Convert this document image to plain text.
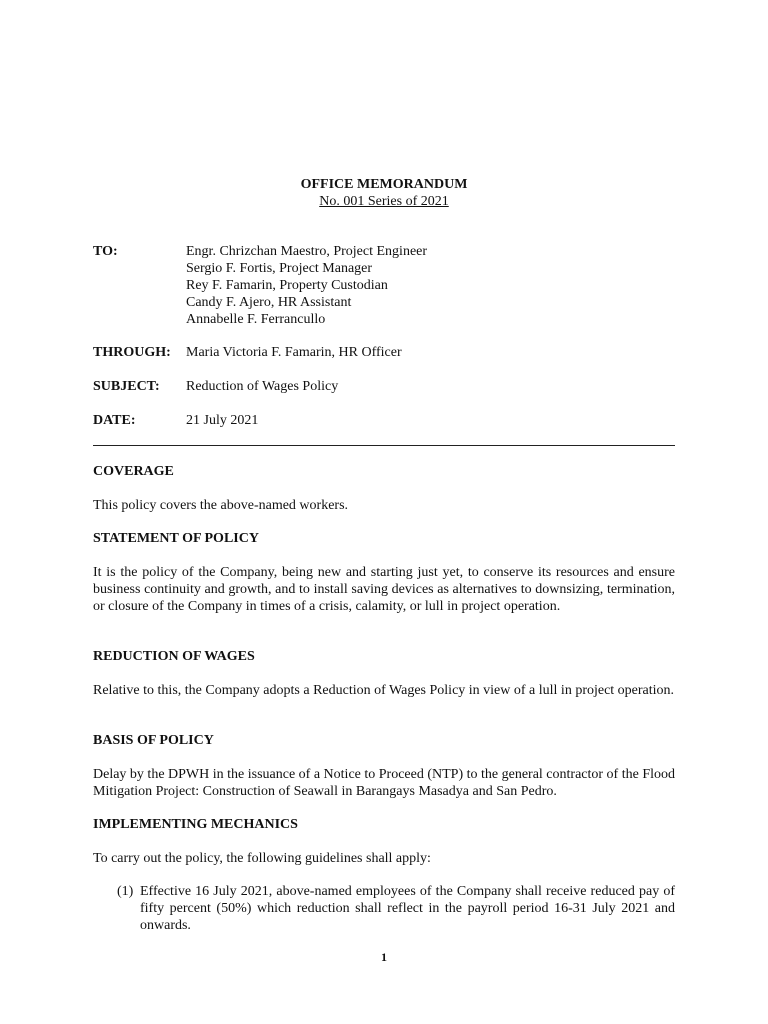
OFFICE MEMORANDUM
No. 001 Series of 2021
TO:	Engr. Chrizchan Maestro, Project Engineer
Sergio F. Fortis, Project Manager
Rey F. Famarin, Property Custodian
Candy F. Ajero, HR Assistant
Annabelle F. Ferrancullo
THROUGH: Maria Victoria F. Famarin, HR Officer
SUBJECT: Reduction of Wages Policy
DATE:	21 July 2021
COVERAGE
This policy covers the above-named workers.
STATEMENT OF POLICY
It is the policy of the Company, being new and starting just yet, to conserve its resources and ensure business continuity and growth, and to install saving devices as alternatives to downsizing, termination, or closure of the Company in times of a crisis, calamity, or lull in project operation.
REDUCTION OF WAGES
Relative to this, the Company adopts a Reduction of Wages Policy in view of a lull in project operation.
BASIS OF POLICY
Delay by the DPWH in the issuance of a Notice to Proceed (NTP) to the general contractor of the Flood Mitigation Project: Construction of Seawall in Barangays Masadya and San Pedro.
IMPLEMENTING MECHANICS
To carry out the policy, the following guidelines shall apply:
(1) Effective 16 July 2021, above-named employees of the Company shall receive reduced pay of fifty percent (50%) which reduction shall reflect in the payroll period 16-31 July 2021 and onwards.
1
